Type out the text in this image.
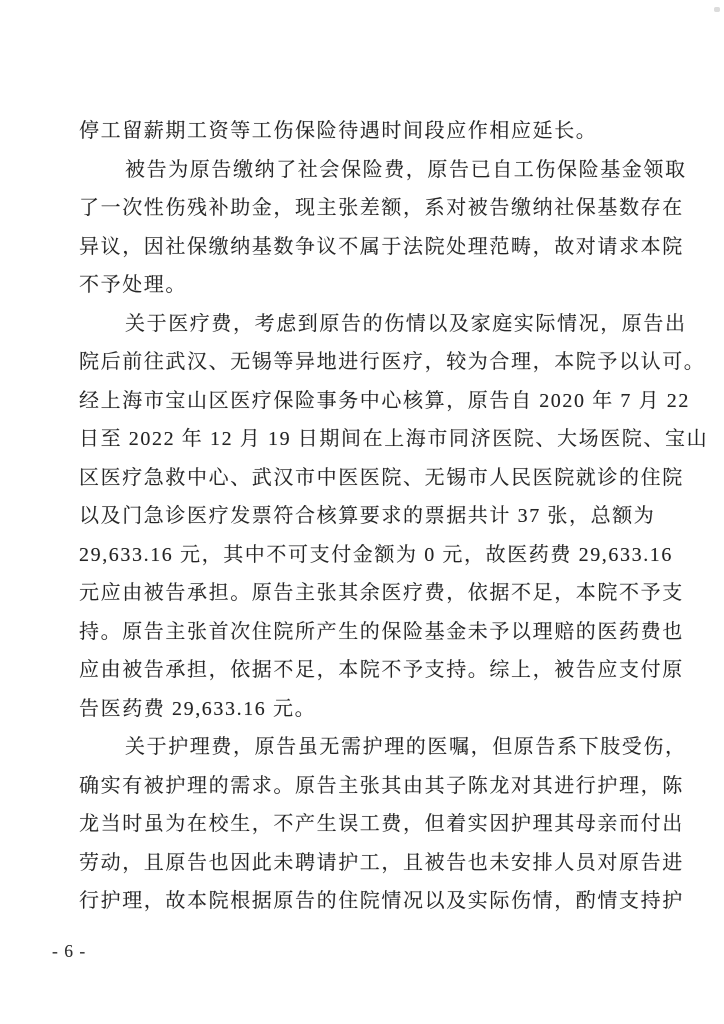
停工留薪期工资等工伤保险待遇时间段应作相应延长。
被告为原告缴纳了社会保险费，原告已自工伤保险基金领取
了一次性伤残补助金，现主张差额，系对被告缴纳社保基数存在
异议，因社保缴纳基数争议不属于法院处理范畴，故对请求本院
不予处理。
关于医疗费，考虑到原告的伤情以及家庭实际情况，原告出
院后前往武汉、无锡等异地进行医疗，较为合理，本院予以认可。
经上海市宝山区医疗保险事务中心核算，原告自 2020 年 7 月 22
日至 2022 年 12 月 19 日期间在上海市同济医院、大场医院、宝山
区医疗急救中心、武汉市中医医院、无锡市人民医院就诊的住院
以及门急诊医疗发票符合核算要求的票据共计 37 张，总额为
29,633.16 元，其中不可支付金额为 0 元，故医药费 29,633.16
元应由被告承担。原告主张其余医疗费，依据不足，本院不予支
持。原告主张首次住院所产生的保险基金未予以理赔的医药费也
应由被告承担，依据不足，本院不予支持。综上，被告应支付原
告医药费 29,633.16 元。
关于护理费，原告虽无需护理的医嘱，但原告系下肢受伤，
确实有被护理的需求。原告主张其由其子陈龙对其进行护理，陈
龙当时虽为在校生，不产生误工费，但着实因护理其母亲而付出
劳动，且原告也因此未聘请护工，且被告也未安排人员对原告进
行护理，故本院根据原告的住院情况以及实际伤情，酌情支持护
- 6 -
